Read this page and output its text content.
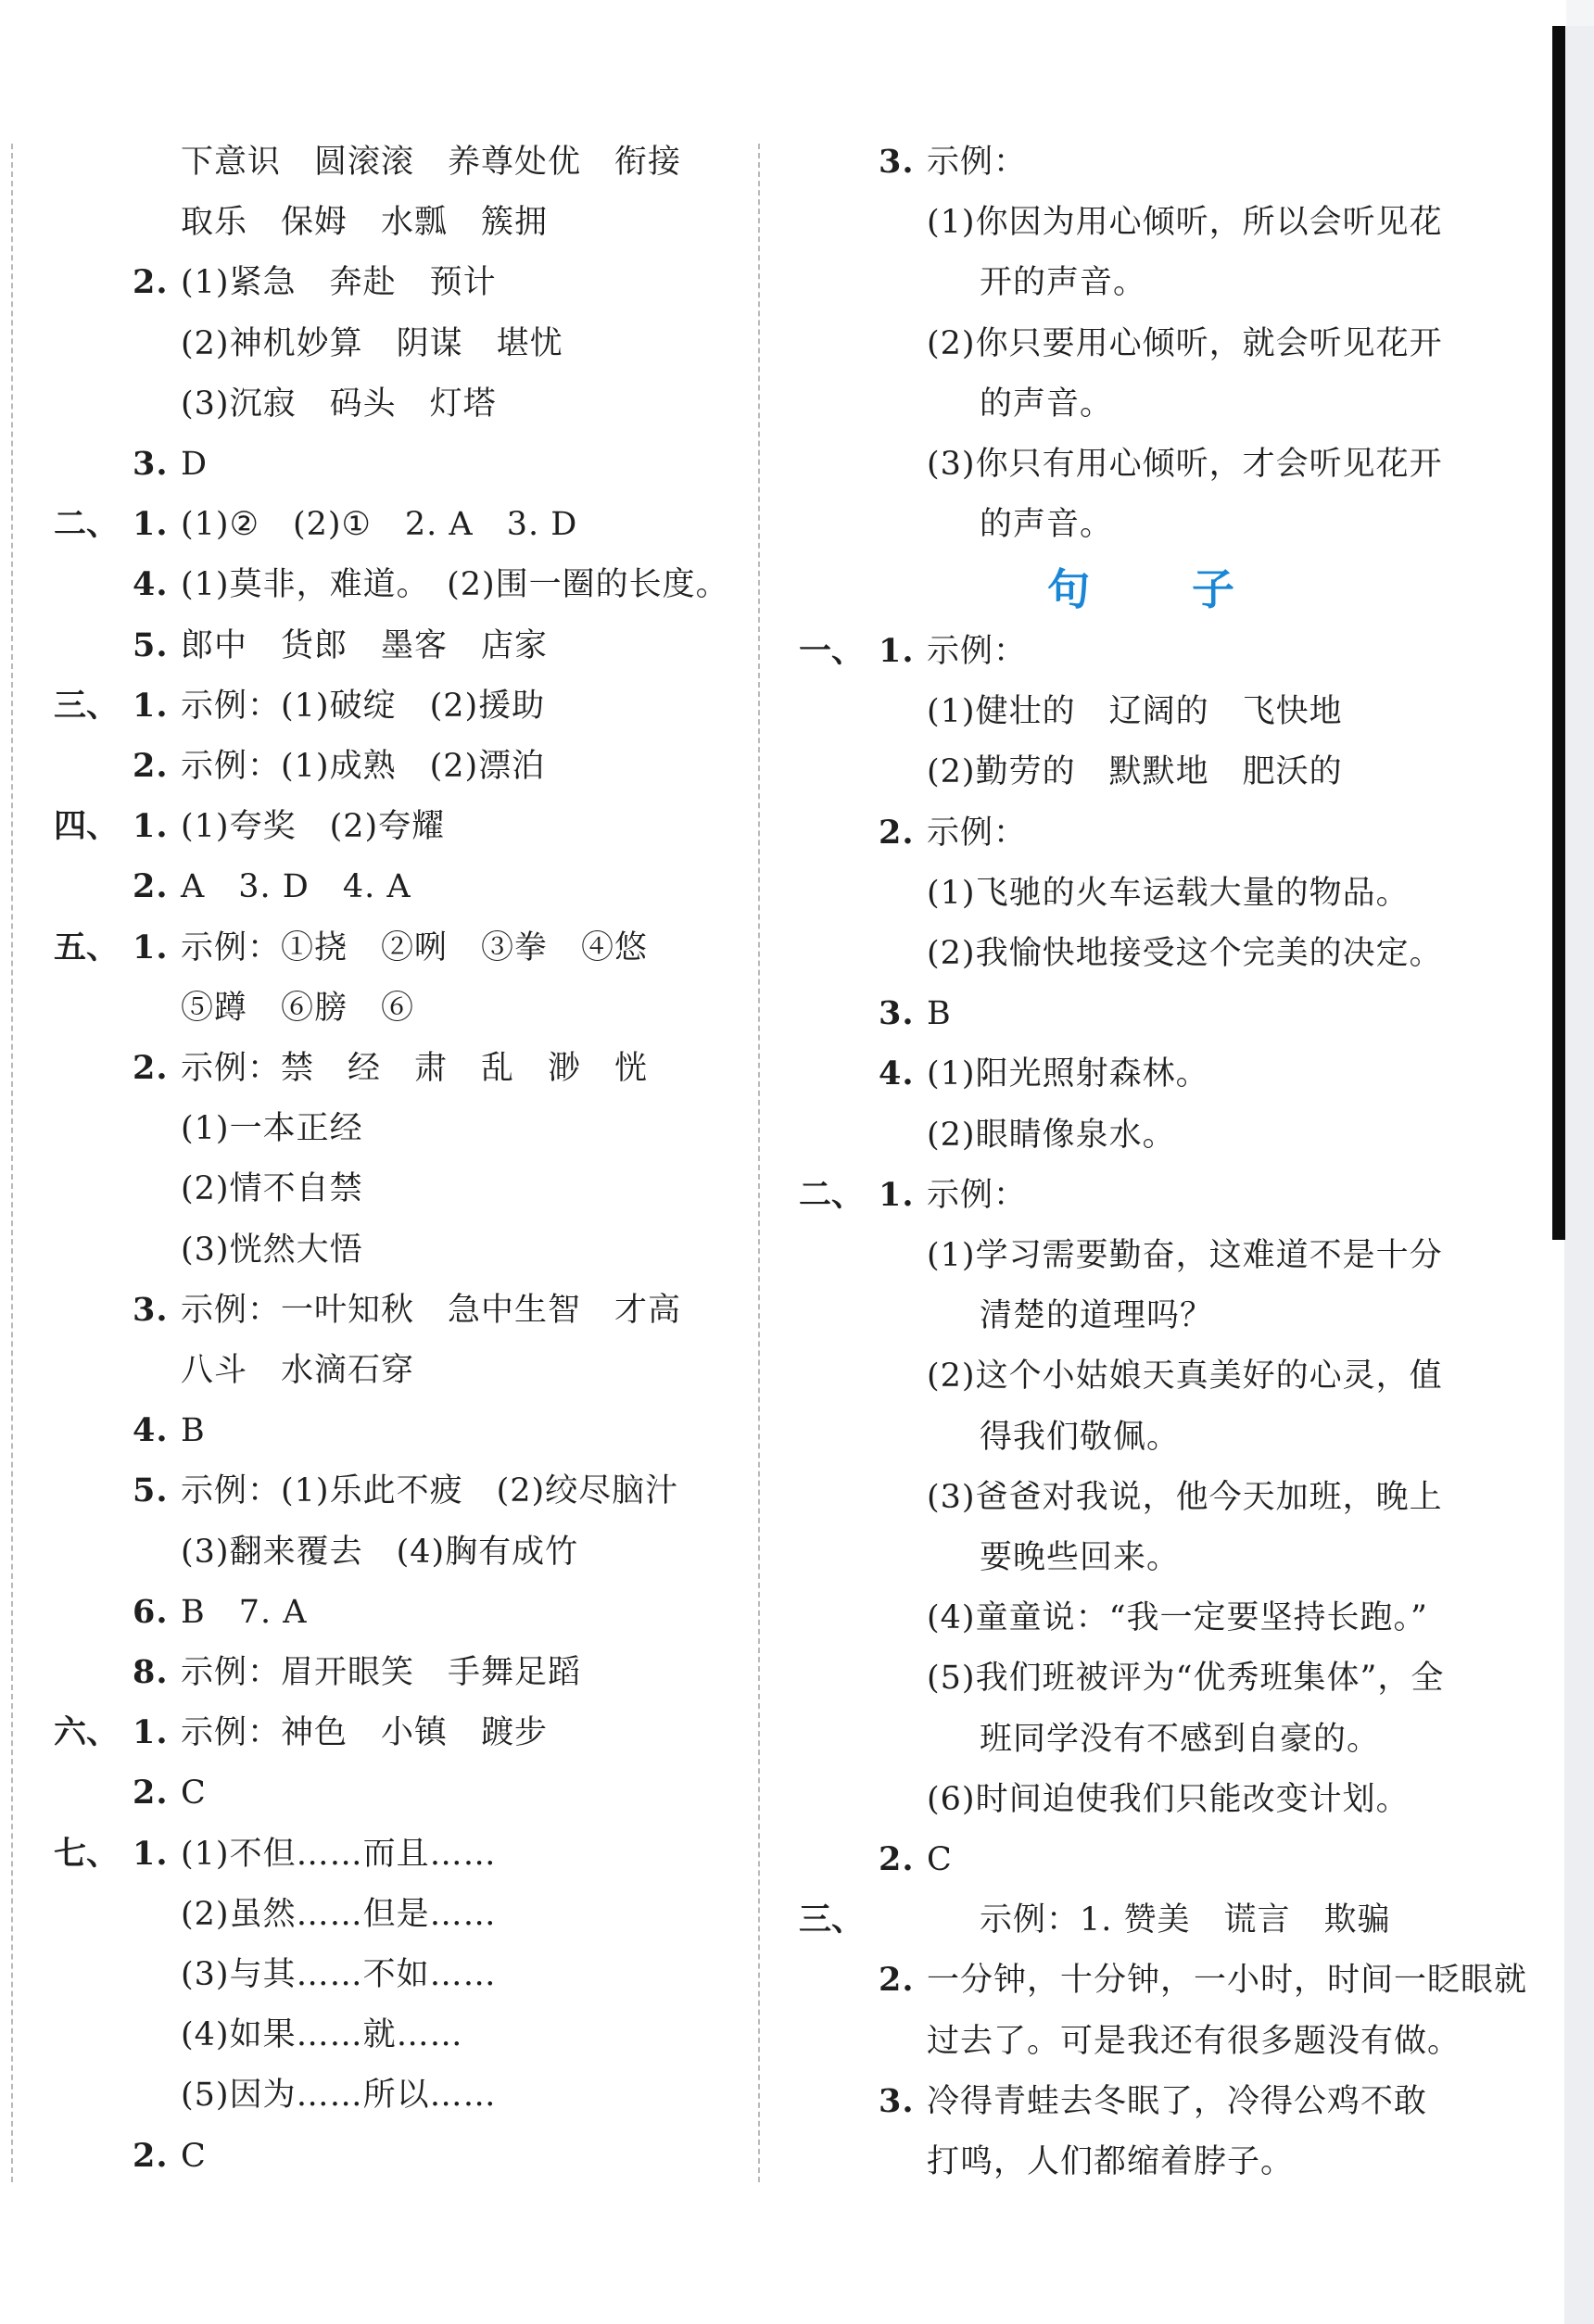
下意识　圆滚滚　养尊处优　衔接
取乐　保姆　水瓢　簇拥
2. (1)紧急　奔赴　预计
(2)神机妙算　阴谋　堪忧
(3)沉寂　码头　灯塔
3. D
二、 1. (1)②　(2)①　2. A　3. D
4. (1)莫非，难道。　(2)围一圈的长度。
5. 郎中　货郎　墨客　店家
三、 1. 示例：(1)破绽　(2)援助
2. 示例：(1)成熟　(2)漂泊
四、 1. (1)夸奖　(2)夸耀
2. A　3. D　4. A
五、 1. 示例：①挠　②咧　③拳　④悠
⑤蹲　⑥膀　⑥
2. 示例：禁　经　肃　乱　渺　恍
(1)一本正经
(2)情不自禁
(3)恍然大悟
3. 示例：一叶知秋　急中生智　才高
八斗　水滴石穿
4. B
5. 示例：(1)乐此不疲　(2)绞尽脑汁
(3)翻来覆去　(4)胸有成竹
6. B　7. A
8. 示例：眉开眼笑　手舞足蹈
六、 1. 示例：神色　小镇　踱步
2. C
七、 1. (1)不但……而且……
(2)虽然……但是……
(3)与其……不如……
(4)如果……就……
(5)因为……所以……
2. C
3. 示例：
(1)你因为用心倾听，所以会听见花
开的声音。
(2)你只要用心倾听，就会听见花开
的声音。
(3)你只有用心倾听，才会听见花开
的声音。
一、 1. 示例：
(1)健壮的　辽阔的　飞快地
(2)勤劳的　默默地　肥沃的
2. 示例：
(1)飞驰的火车运载大量的物品。
(2)我愉快地接受这个完美的决定。
3. B
4. (1)阳光照射森林。
(2)眼睛像泉水。
二、 1. 示例：
(1)学习需要勤奋，这难道不是十分
清楚的道理吗？
(2)这个小姑娘天真美好的心灵，值
得我们敬佩。
(3)爸爸对我说，他今天加班，晚上
要晚些回来。
(4)童童说：“我一定要坚持长跑。”
(5)我们班被评为“优秀班集体”，全
班同学没有不感到自豪的。
(6)时间迫使我们只能改变计划。
2. C
三、	示例：1. 赞美　谎言　欺骗
2. 一分钟，十分钟，一小时，时间一眨眼就
过去了。可是我还有很多题没有做。
3. 冷得青蛙去冬眠了，冷得公鸡不敢
打鸣，人们都缩着脖子。
句子
